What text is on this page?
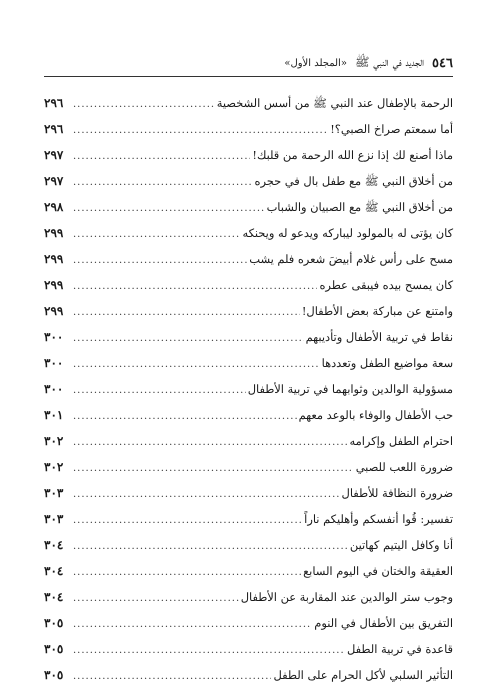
٥٤٦
الجديد في النبي ﷺ
«المجلد الأول»
الرحمة بالإطفال عند النبي ﷺ من أسس الشخصية
.....
٢٩٦
أما سمعتم صراخ الصبي؟!
.....
٢٩٦
ماذا أصنع لك إذا نزع الله الرحمة من قلبك!
.....
٢٩٧
من أخلاق النبي ﷺ مع طفل بال في حجره
.....
٢٩٧
من أخلاق النبي ﷺ مع الصبيان والشباب
.....
٢٩٨
كان يؤتى له بالمولود ليباركه ويدعو له ويحنكه
.....
٢٩٩
مسح على رأس غلام أبيضَ شعره فلم يشب
.....
٢٩٩
كان يمسح بيده فيبقى عطره
.....
٢٩٩
وامتنع عن مباركة بعض الأطفال!
.....
٢٩٩
نقاط في تربية الأطفال وتأديبهم
.....
٣٠٠
سعة مواضيع الطفل وتعددها
.....
٣٠٠
مسؤولية الوالدين وثوابهما في تربية الأطفال
.....
٣٠٠
حب الأطفال والوفاء بالوعد معهم
.....
٣٠١
احترام الطفل وإكرامه
.....
٣٠٢
ضرورة اللعب للصبي
.....
٣٠٢
ضرورة النظافة للأطفال
.....
٣٠٣
تفسير: قُوا أنفسكم وأهليكم ناراً
.....
٣٠٣
أنا وكافل اليتيم كهاتين
.....
٣٠٤
العقيقة والختان في اليوم السابع
.....
٣٠٤
وجوب ستر الوالدين عند المقاربة عن الأطفال
.....
٣٠٤
التفريق بين الأطفال في النوم
.....
٣٠٥
قاعدة في تربية الطفل
.....
٣٠٥
التأثير السلبي لأكل الحرام على الطفل
.....
٣٠٥
